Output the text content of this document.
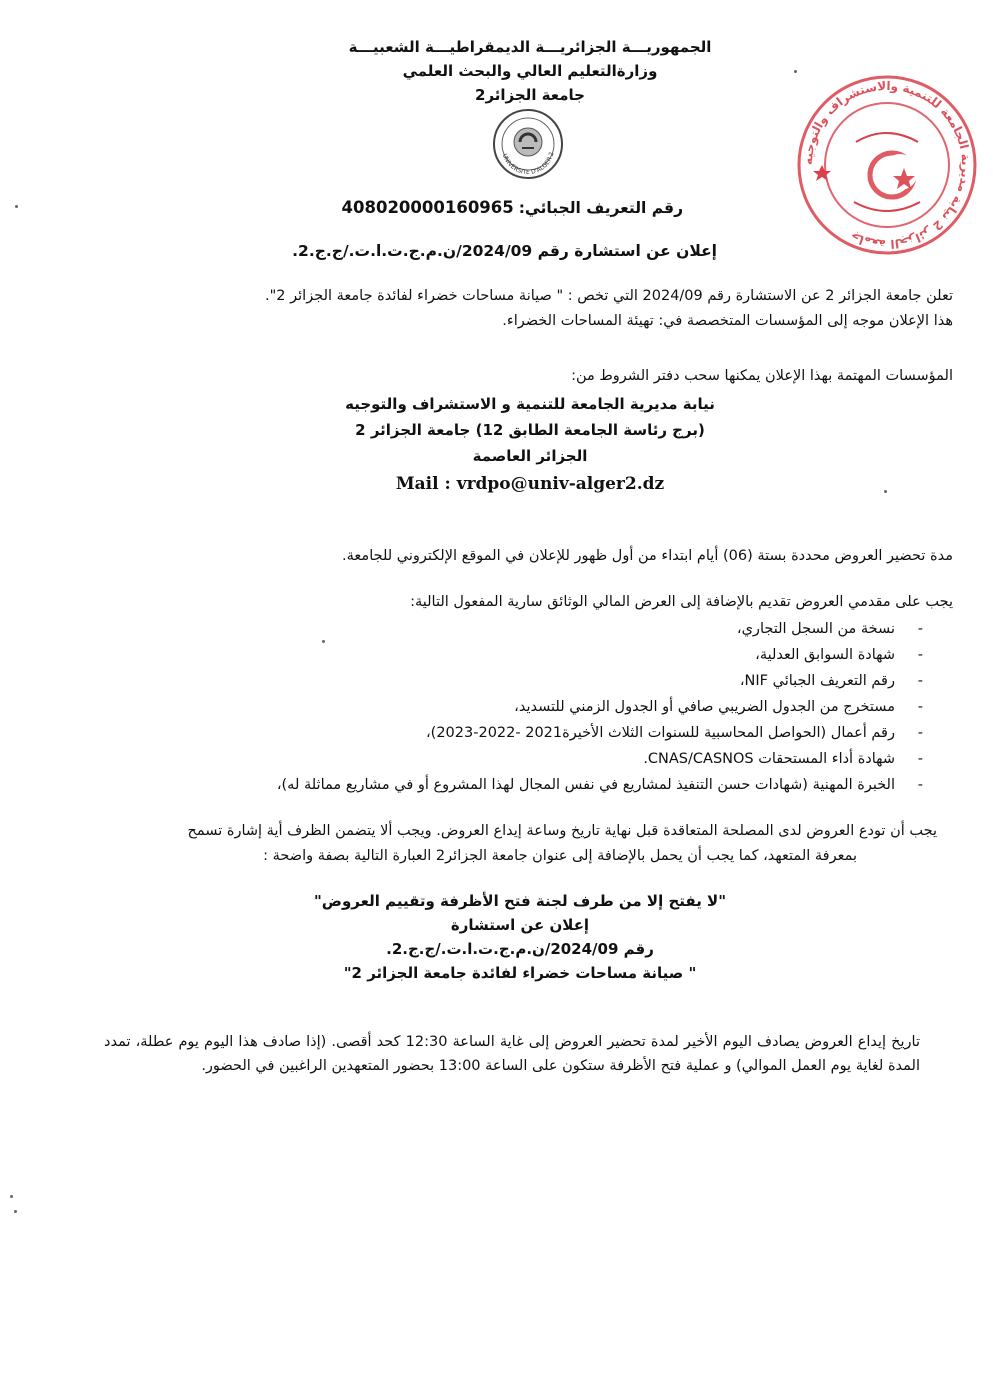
الجمهوريـــة الجزائريـــة الديمقراطيـــة الشعبيـــة
وزارةالتعليم العالي والبحث العلمي
جامعة الجزائر2
UNIVERSITE D'ALGER 2
جامعة الجزائر 2 نيابة مديرية الجامعة للتنمية والاستشراف والتوجيه
رقم التعريف الجبائي: 408020000160965
إعلان عن استشارة رقم 2024/09/ن.م.ج.ت.ا.ت./ج.ج.2.
تعلن جامعة الجزائر 2 عن الاستشارة رقم 2024/09 التي تخص : " صيانة مساحات خضراء لفائدة جامعة الجزائر 2".
هذا الإعلان موجه إلى المؤسسات المتخصصة في: تهيئة المساحات الخضراء.
المؤسسات المهتمة بهذا الإعلان يمكنها سحب دفتر الشروط من:
نيابة مديرية الجامعة للتنمية و الاستشراف والتوجيه
(برج رئاسة الجامعة الطابق 12) جامعة الجزائر 2
الجزائر العاصمة
Mail : vrdpo@univ-alger2.dz
مدة تحضير العروض محددة بستة (06) أيام ابتداء من أول ظهور للإعلان في الموقع الإلكتروني للجامعة.
يجب على مقدمي العروض تقديم بالإضافة إلى العرض المالي الوثائق سارية المفعول التالية:
-نسخة من السجل التجاري،
-شهادة السوابق العدلية،
-رقم التعريف الجبائي NIF،
-مستخرج من الجدول الضريبي صافي أو الجدول الزمني للتسديد،
-رقم أعمال (الحواصل المحاسبية للسنوات الثلاث الأخيرة2021 -2022-2023)،
-شهادة أداء المستحقات CNAS/CASNOS.
-الخبرة المهنية (شهادات حسن التنفيذ لمشاريع في نفس المجال لهذا المشروع أو في مشاريع مماثلة له)،
يجب أن تودع العروض لدى المصلحة المتعاقدة قبل نهاية تاريخ وساعة إيداع العروض. ويجب ألا يتضمن الظرف أية إشارة تسمح
بمعرفة المتعهد، كما يجب أن يحمل بالإضافة إلى عنوان جامعة الجزائر2 العبارة التالية بصفة واضحة :
"لا يفتح إلا من طرف لجنة فتح الأظرفة وتقييم العروض"
إعلان عن استشارة
رقم 2024/09/ن.م.ج.ت.ا.ت./ج.ج.2.
" صيانة مساحات خضراء لفائدة جامعة الجزائر 2"
تاريخ إيداع العروض يصادف اليوم الأخير لمدة تحضير العروض إلى غاية الساعة 12:30 كحد أقصى. (إذا صادف هذا اليوم يوم عطلة، تمدد المدة لغاية يوم العمل الموالي) و عملية فتح الأظرفة ستكون على الساعة 13:00 بحضور المتعهدين الراغبين في الحضور.
